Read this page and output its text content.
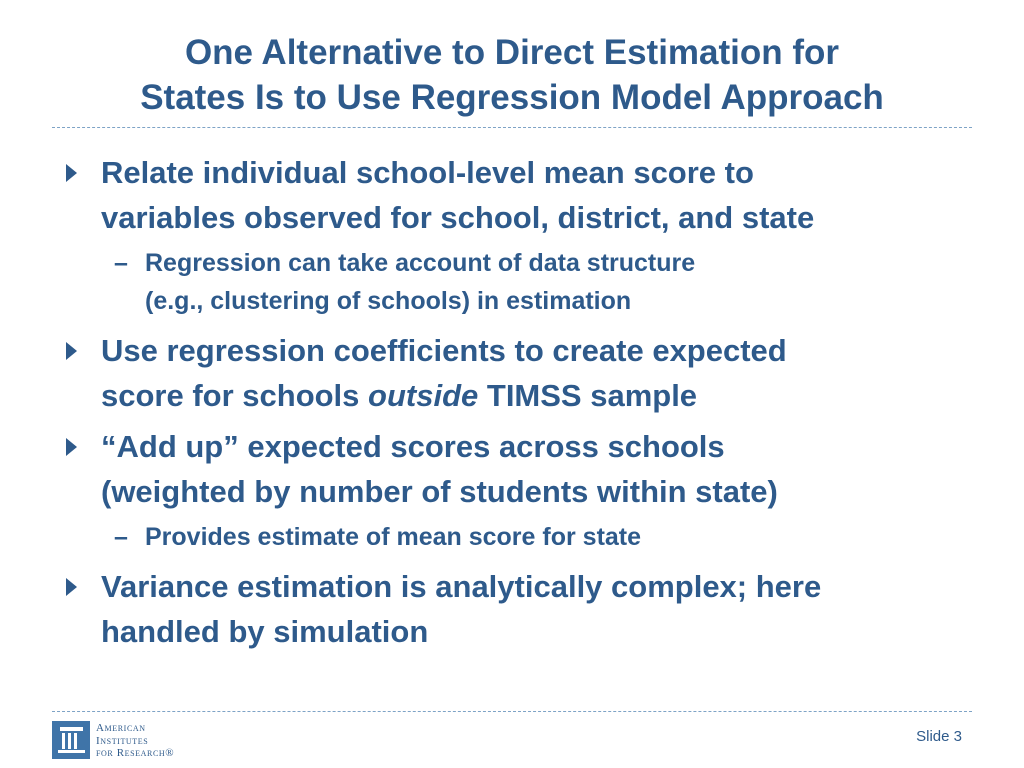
One Alternative to Direct Estimation for
States Is to Use Regression Model Approach
Relate individual school-level mean score to
variables observed for school, district, and state
– Regression can take account of data structure
(e.g., clustering of schools) in estimation
Use regression coefficients to create expected
score for schools outside TIMSS sample
“Add up” expected scores across schools
(weighted by number of students within state)
– Provides estimate of mean score for state
Variance estimation is analytically complex; here
handled by simulation
American
Institutes
for Research®
Slide 3
